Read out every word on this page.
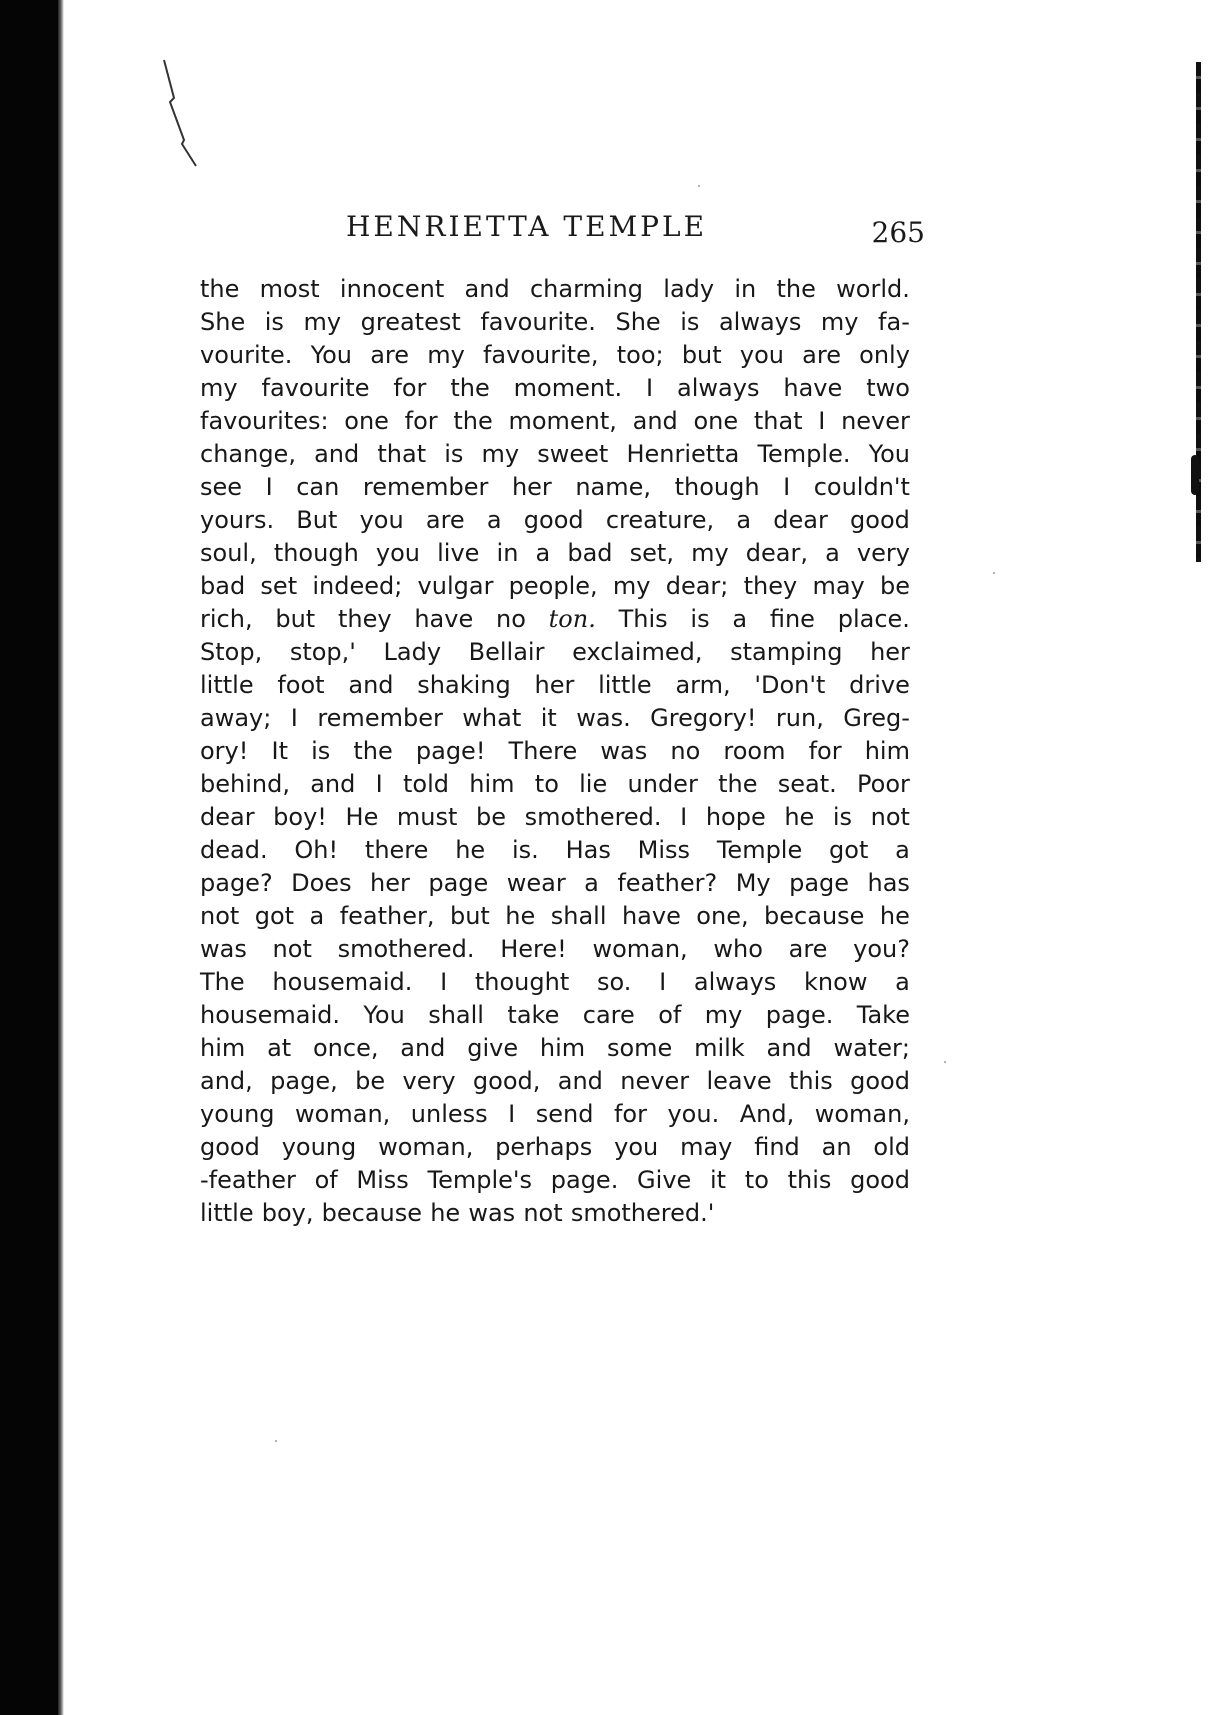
HENRIETTA TEMPLE	265
the most innocent and charming lady in the world.
She is my greatest favourite. She is always my fa-
vourite. You are my favourite, too; but you are only
my favourite for the moment. I always have two
favourites: one for the moment, and one that I never
change, and that is my sweet Henrietta Temple. You
see I can remember her name, though I couldn't
yours. But you are a good creature, a dear good
soul, though you live in a bad set, my dear, a very
bad set indeed; vulgar people, my dear; they may be
rich, but they have no ton. This is a fine place.
Stop, stop,' Lady Bellair exclaimed, stamping her
little foot and shaking her little arm, 'Don't drive
away; I remember what it was. Gregory! run, Greg-
ory! It is the page! There was no room for him
behind, and I told him to lie under the seat. Poor
dear boy! He must be smothered. I hope he is not
dead. Oh! there he is. Has Miss Temple got a
page? Does her page wear a feather? My page has
not got a feather, but he shall have one, because he
was not smothered. Here! woman, who are you?
The housemaid. I thought so. I always know a
housemaid. You shall take care of my page. Take
him at once, and give him some milk and water;
and, page, be very good, and never leave this good
young woman, unless I send for you. And, woman,
good young woman, perhaps you may find an old
-feather of Miss Temple's page. Give it to this good
little boy, because he was not smothered.'
